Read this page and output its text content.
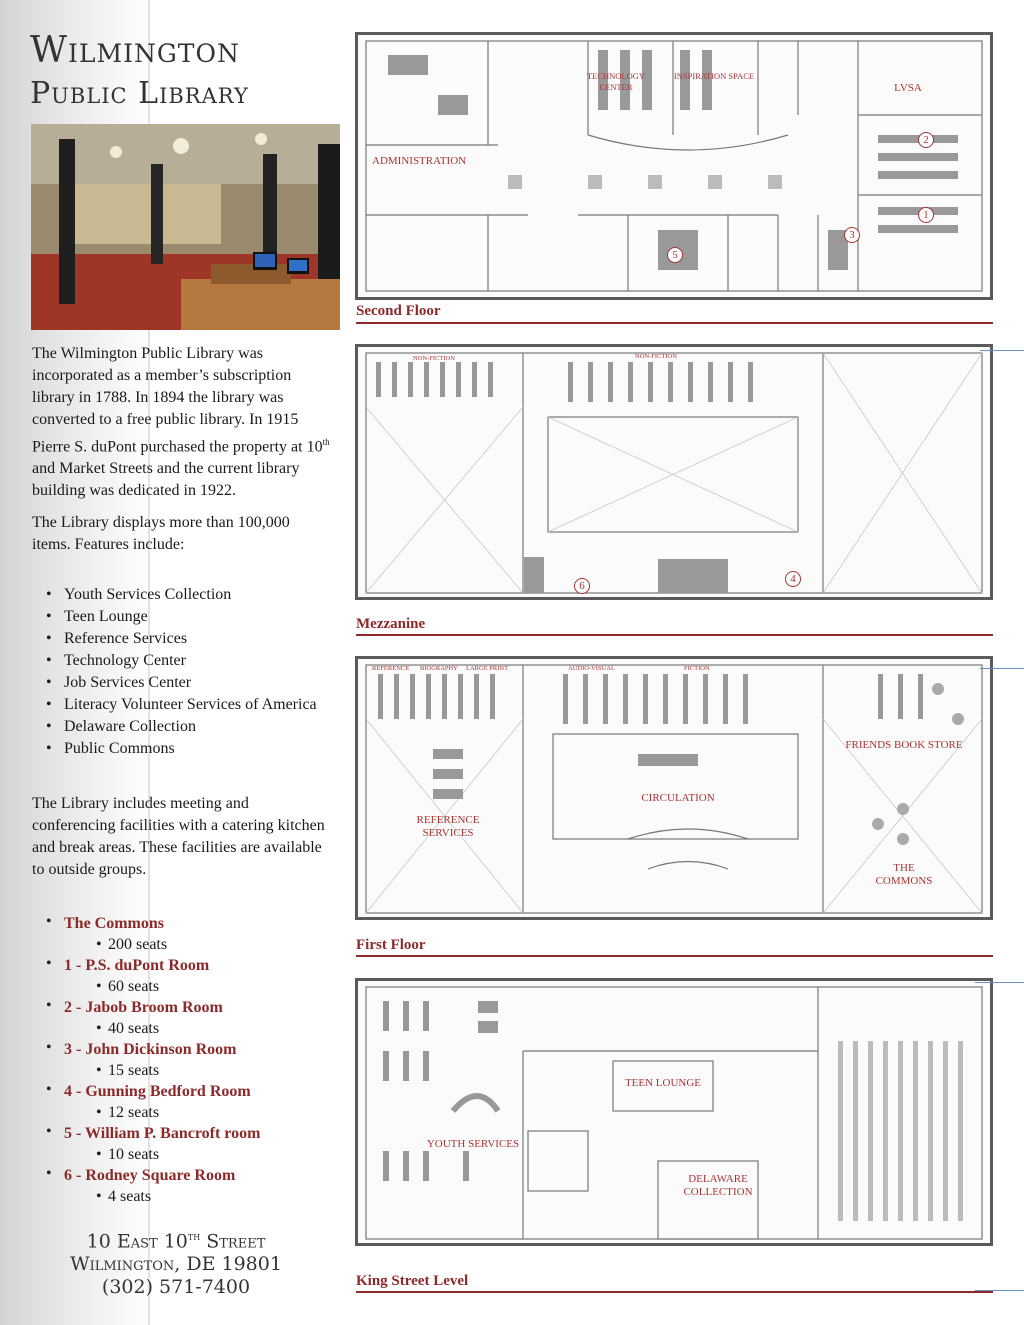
Wilmington
Public Library

The Wilmington Public Library was incorporated as a member’s subscription library in 1788. In 1894 the library was converted to a free public library. In 1915 Pierre S. duPont purchased the property at 10th and Market Streets and the current library building was dedicated in 1922.

The Library displays more than 100,000 items. Features include:

• Youth Services Collection
• Teen Lounge
• Reference Services
• Technology Center
• Job Services Center
• Literacy Volunteer Services of America
• Delaware Collection
• Public Commons

The Library includes meeting and conferencing facilities with a catering kitchen and break areas. These facilities are available to outside groups.

• The Commons
• 200 seats
• 1 - P.S. duPont Room
• 60 seats
• 2 - Jabob Broom Room
• 40 seats
• 3 - John Dickinson Room
• 15 seats
• 4 - Gunning Bedford Room
• 12 seats
• 5 - William P. Bancroft room
• 10 seats
• 6 - Rodney Square Room
• 4 seats
10 East 10th Street
Wilmington, DE 19801
(302) 571-7400
TECHNOLOGY CENTER
INSPIRATION SPACE
LVSA
ADMINISTRATION
1
2
3
5
Second Floor
NON-FICTION	NON-FICTION
4
6
Mezzanine
REFERENCE	BIOGRAPHY	LARGE PRINT	AUDIO-VISUAL	FICTION
FRIENDS BOOK STORE
CIRCULATION
REFERENCE SERVICES
THE COMMONS
First Floor
TEEN LOUNGE
YOUTH SERVICES
DELAWARE COLLECTION
King Street Level
